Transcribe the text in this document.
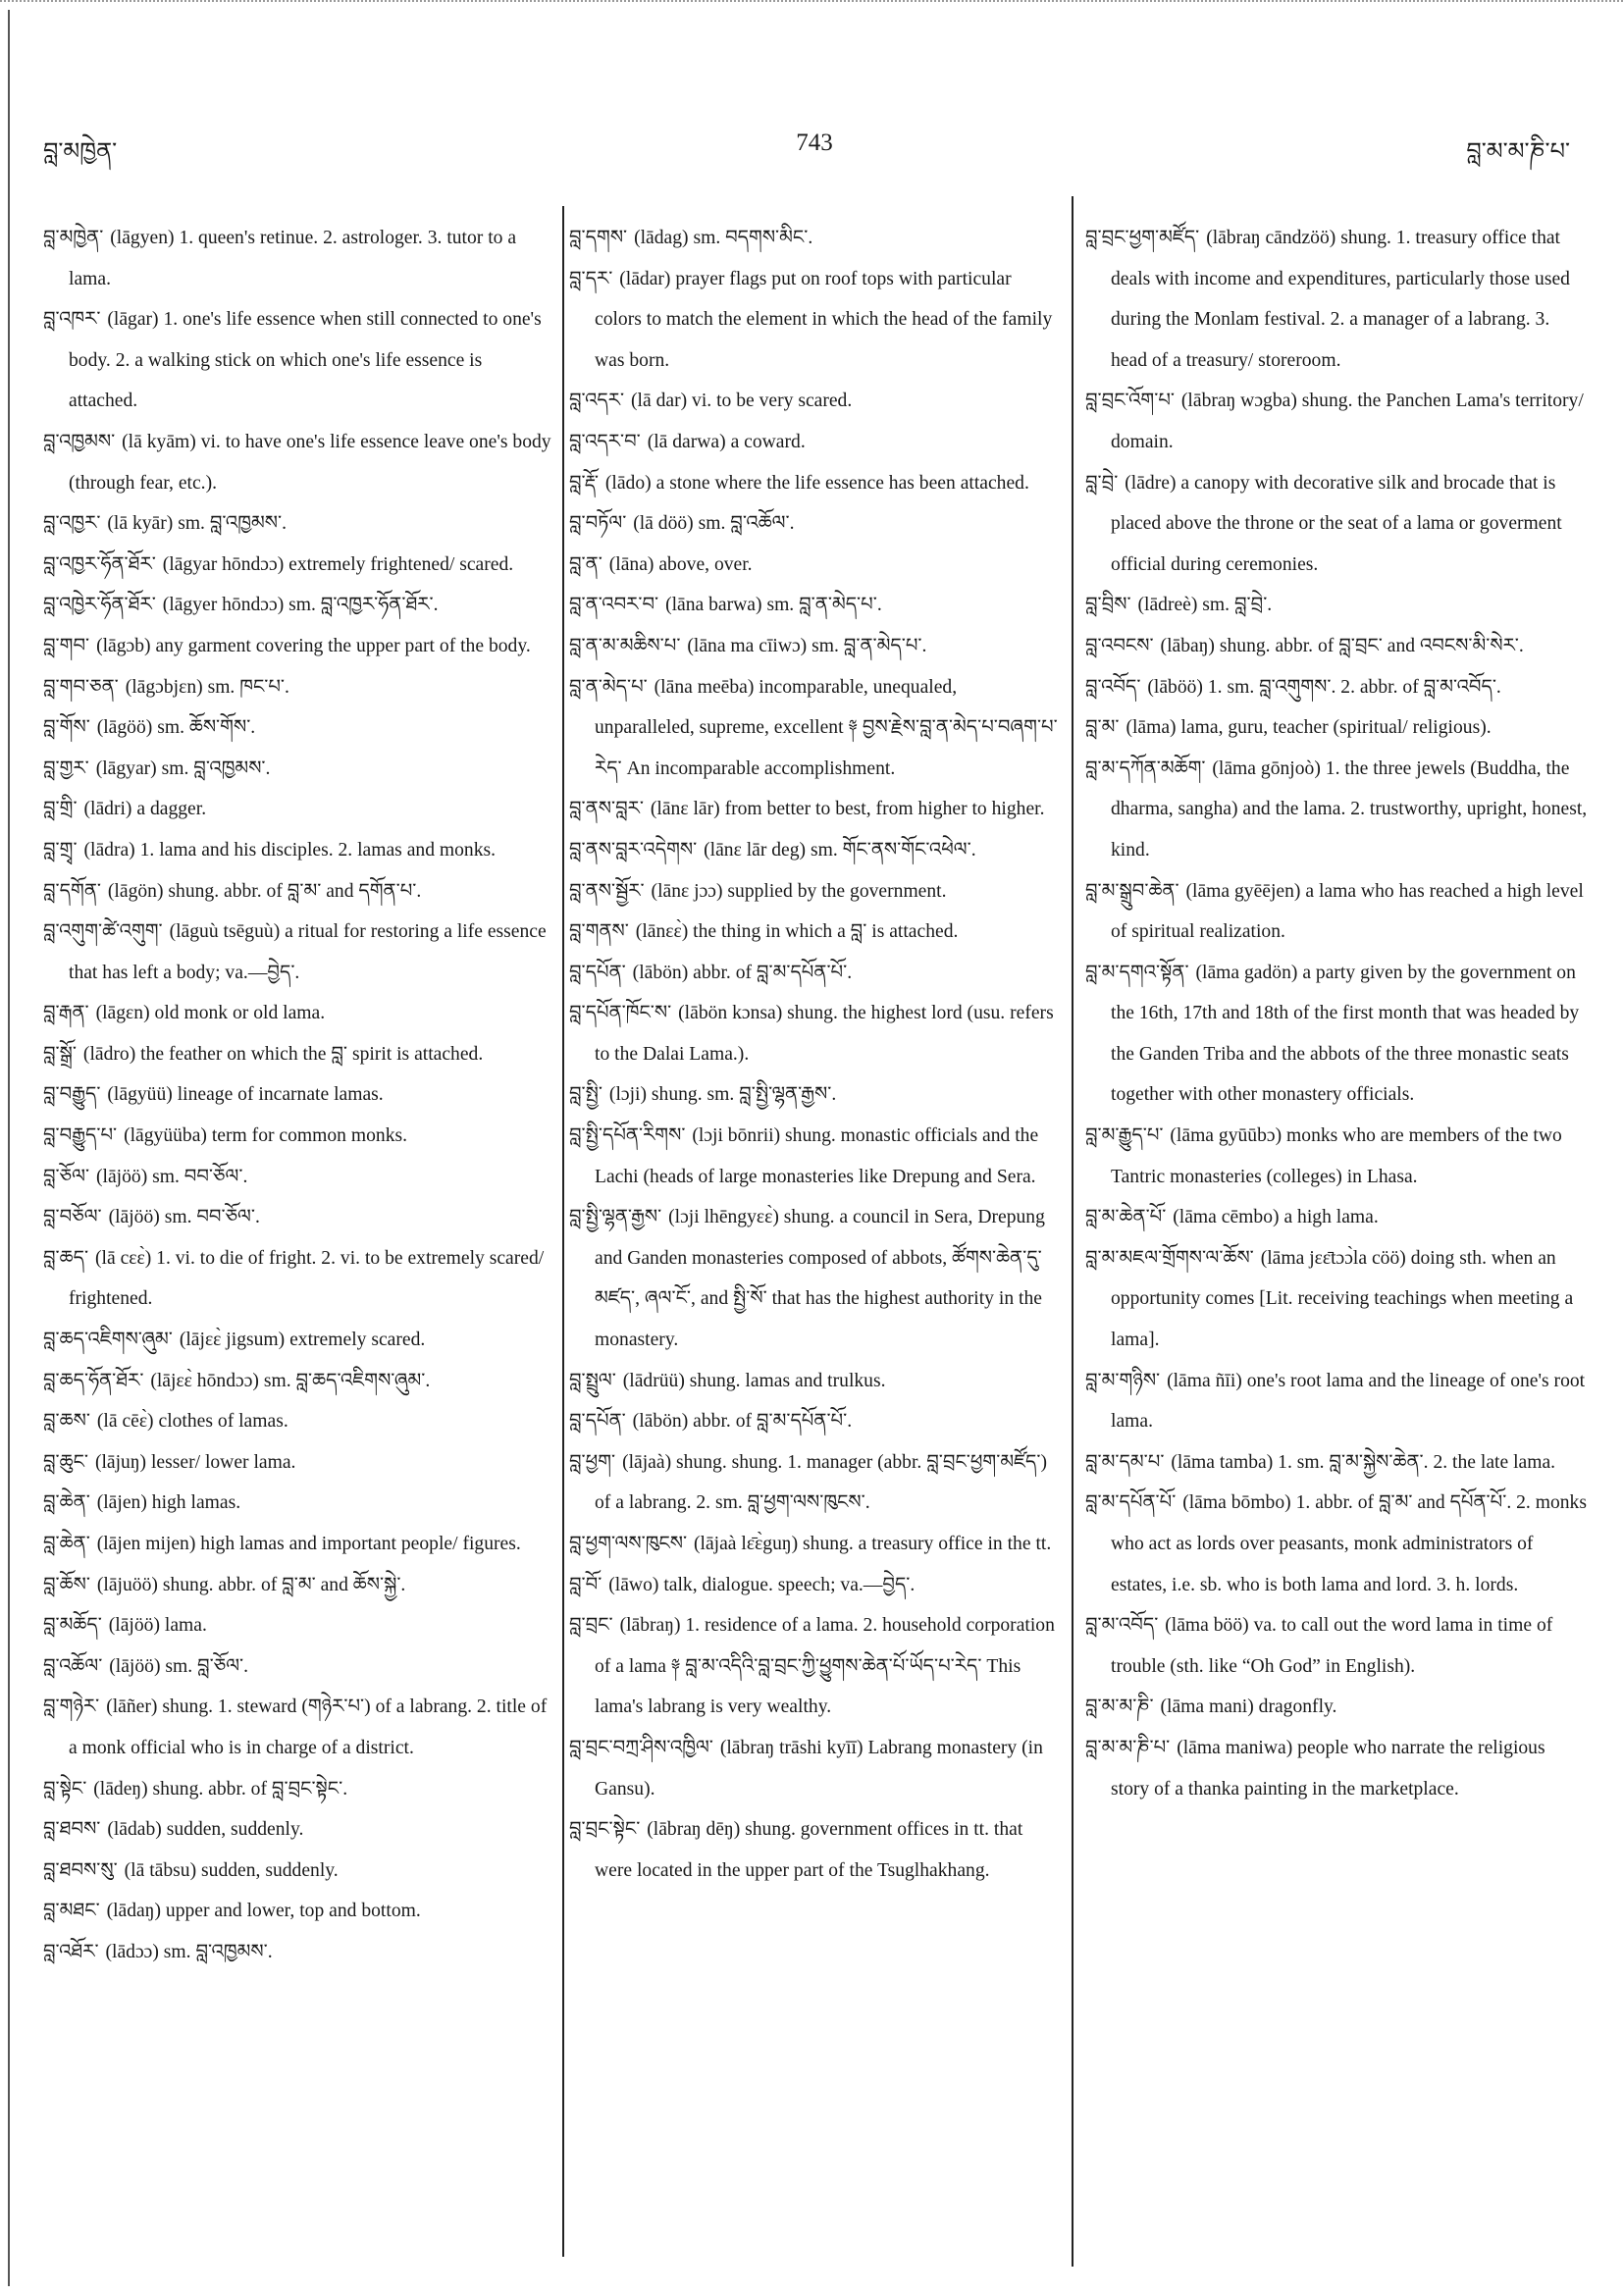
བླ་མཁྱེན་	743	བླ་མ་མ་ཎི་པ་

བླ་མཁྱེན་ (lāgyen) 1. queen's retinue. 2. astrologer. 3. tutor to a lama.

བླ་འཁར་ (lāgar) 1. one's life essence when still connected to one's body. 2. a walking stick on which one's life essence is attached.

བླ་འཁྱམས་ (lā kyām) vi. to have one's life essence leave one's body (through fear, etc.).

བླ་འཁྱར་ (lā kyār) sm. བླ་འཁྱམས་.

བླ་འཁྱར་ཧོན་ཐོར་ (lāgyar hōndɔɔ) extremely frightened/ scared.

བླ་འཁྱེར་ཧོན་ཐོར་ (lāgyer hōndɔɔ) sm. བླ་འཁྱར་ཧོན་ཐོར་.

བླ་གབ་ (lāgɔb) any garment covering the upper part of the body.

བླ་གབ་ཅན་ (lāgɔbjɛn) sm. ཁང་པ་.

བླ་གོས་ (lāgöö) sm. ཆོས་གོས་.

བླ་གྱར་ (lāgyar) sm. བླ་འཁྱམས་.

བླ་གྲི་ (lādri) a dagger.

བླ་གྲྭ་ (lādra) 1. lama and his disciples. 2. lamas and monks.

བླ་དགོན་ (lāgön) shung. abbr. of བླ་མ་ and དགོན་པ་.

བླ་འགུག་ཚེ་འགུག་ (lāguù tsēguù) a ritual for restoring a life essence that has left a body; va.—བྱེད་.

བླ་རྒན་ (lāgɛn) old monk or old lama.

བླ་སྒྲོ་ (lādro) the feather on which the བླ་ spirit is attached.

བླ་བརྒྱུད་ (lāgyüü) lineage of incarnate lamas.

བླ་བརྒྱུད་པ་ (lāgyüüba) term for common monks.

བླ་ཅོལ་ (lājöö) sm. བབ་ཅོལ་.

བླ་བཅོལ་ (lājöö) sm. བབ་ཅོལ་.

བླ་ཆད་ (lā cɛɛ̀) 1. vi. to die of fright. 2. vi. to be extremely scared/ frightened.

བླ་ཆད་འཇིགས་ཞུམ་ (lājɛɛ̀ jigsum) extremely scared.

བླ་ཆད་ཧོན་ཐོར་ (lājɛɛ̀ hōndɔɔ) sm. བླ་ཆད་འཇིགས་ཞུམ་.

བླ་ཆས་ (lā cēɛ̀) clothes of lamas.

བླ་ཆུང་ (lājuŋ) lesser/ lower lama.

བླ་ཆེན་ (lājen) high lamas.

བླ་ཆེན་ (lājen mijen) high lamas and important people/ figures.

བླ་ཆོས་ (lājuöö) shung. abbr. of བླ་མ་ and ཆོས་སྐྱེ་.

བླ་མཆོད་ (lājöö) lama.

བླ་འཆོལ་ (lājöö) sm. བླ་ཅོལ་.

བླ་གཉེར་ (lāñer) shung. 1. steward (གཉེར་པ་) of a labrang. 2. title of a monk official who is in charge of a district.

བླ་སྟེང་ (lādeŋ) shung. abbr. of བླ་བྲང་སྟེང་.

བླ་ཐབས་ (lādab) sudden, suddenly.

བླ་ཐབས་སུ་ (lā tābsu) sudden, suddenly.

བླ་མཐང་ (lādaŋ) upper and lower, top and bottom.

བླ་འཐོར་ (lādɔɔ) sm. བླ་འཁྱམས་.

བླ་དགས་ (lādag) sm. བདགས་མིང་.

བླ་དར་ (lādar) prayer flags put on roof tops with particular colors to match the element in which the head of the family was born.

བླ་འདར་ (lā dar) vi. to be very scared.

བླ་འདར་བ་ (lā darwa) a coward.

བླ་རྡོ་ (lādo) a stone where the life essence has been attached.

བླ་བཏོལ་ (lā döö) sm. བླ་འཆོལ་.

བླ་ན་ (lāna) above, over.

བླ་ན་འབར་བ་ (lāna barwa) sm. བླ་ན་མེད་པ་.

བླ་ན་མ་མཆིས་པ་ (lāna ma cīiwɔ) sm. བླ་ན་མེད་པ་.

བླ་ན་མེད་པ་ (lāna meēba) incomparable, unequaled, unparalleled, supreme, excellent ༈ བྱས་རྗེས་བླ་ན་མེད་པ་བཞག་པ་རེད་ An incomparable accomplishment.

བླ་ནས་བླར་ (lānɛ lār) from better to best, from higher to higher.

བླ་ནས་བླར་འདེགས་ (lānɛ lār deg) sm. གོང་ནས་གོང་འཕེལ་.

བླ་ནས་སྦྱོར་ (lānɛ jɔɔ) supplied by the government.

བླ་གནས་ (lānɛɛ̀) the thing in which a བླ་ is attached.

བླ་དཔོན་ (lābön) abbr. of བླ་མ་དཔོན་པོ་.

བླ་དཔོན་ཁོང་ས་ (lābön kɔnsa) shung. the highest lord (usu. refers to the Dalai Lama.).

བླ་སྤྱི་ (lɔji) shung. sm. བླ་སྤྱི་ལྷན་རྒྱས་.

བླ་སྤྱི་དཔོན་རིགས་ (lɔji bōnrii) shung. monastic officials and the Lachi (heads of large monasteries like Drepung and Sera.

བླ་སྤྱི་ལྷན་རྒྱས་ (lɔji lhēngyɛɛ̀) shung. a council in Sera, Drepung and Ganden monasteries composed of abbots, ཚོགས་ཆེན་དུ་མཛད་, ཞལ་ངོ་, and སྤྱི་སོ་ that has the highest authority in the monastery.

བླ་སྤྲུལ་ (lādrüü) shung. lamas and trulkus.

བླ་དཔོན་ (lābön) abbr. of བླ་མ་དཔོན་པོ་.

བླ་ཕྱག་ (lājaà) shung. shung. 1. manager (abbr. བླ་བྲང་ཕྱག་མཛོད་) of a labrang. 2. sm. བླ་ཕྱག་ལས་ཁུངས་.

བླ་ཕྱག་ལས་ཁུངས་ (lājaà lɛ̄ɛ̀guŋ) shung. a treasury office in the tt.

བླ་བོ་ (lāwo) talk, dialogue. speech; va.—བྱེད་.

བླ་བྲང་ (lābraŋ) 1. residence of a lama. 2. household corporation of a lama ༈ བླ་མ་འདིའི་བླ་བྲང་ཀྱི་ཕྱུགས་ཆེན་པོ་ཡོད་པ་རེད་ This lama's labrang is very wealthy.

བླ་བྲང་བཀྲ་ཤིས་འཁྱིལ་ (lābraŋ trāshi kyīī) Labrang monastery (in Gansu).

བླ་བྲང་སྟེང་ (lābraŋ dēŋ) shung. government offices in tt. that were located in the upper part of the Tsuglhakhang.

བླ་བྲང་ཕྱག་མཛོད་ (lābraŋ cāndzöö) shung. 1. treasury office that deals with income and expenditures, particularly those used during the Monlam festival. 2. a manager of a labrang. 3. head of a treasury/ storeroom.

བླ་བྲང་འོག་པ་ (lābraŋ wɔgba) shung. the Panchen Lama's territory/ domain.

བླ་བྲེ་ (lādre) a canopy with decorative silk and brocade that is placed above the throne or the seat of a lama or goverment official during ceremonies.

བླ་བྲིས་ (lādreè) sm. བླ་བྲེ་.

བླ་འབངས་ (lābaŋ) shung. abbr. of བླ་བྲང་ and འབངས་མི་སེར་.

བླ་འབོད་ (lāböö) 1. sm. བླ་འགུགས་. 2. abbr. of བླ་མ་འབོད་.

བླ་མ་ (lāma) lama, guru, teacher (spiritual/ religious).

བླ་མ་དཀོན་མཆོག་ (lāma gōnjoò) 1. the three jewels (Buddha, the dharma, sangha) and the lama. 2. trustworthy, upright, honest, kind.

བླ་མ་སྒྲུབ་ཆེན་ (lāma gyēējen) a lama who has reached a high level of spiritual realization.

བླ་མ་དགའ་སྟོན་ (lāma gadön) a party given by the government on the 16th, 17th and 18th of the first month that was headed by the Ganden Triba and the abbots of the three monastic seats together with other monastery officials.

བླ་མ་རྒྱུད་པ་ (lāma gyūūbɔ) monks who are members of the two Tantric monasteries (colleges) in Lhasa.

བླ་མ་ཆེན་པོ་ (lāma cēmbo) a high lama.

བླ་མ་མཇལ་གྲོགས་ལ་ཆོས་ (lāma jɛɛ̄tɔɔ̀la cöö) doing sth. when an opportunity comes [Lit. receiving teachings when meeting a lama].

བླ་མ་གཉིས་ (lāma ñīi) one's root lama and the lineage of one's root lama.

བླ་མ་དམ་པ་ (lāma tamba) 1. sm. བླ་མ་སྐྱེས་ཆེན་. 2. the late lama.

བླ་མ་དཔོན་པོ་ (lāma bōmbo) 1. abbr. of བླ་མ་ and དཔོན་པོ་. 2. monks who act as lords over peasants, monk administrators of estates, i.e. sb. who is both lama and lord. 3. h. lords.

བླ་མ་འབོད་ (lāma böö) va. to call out the word lama in time of trouble (sth. like “Oh God” in English).

བླ་མ་མ་ཎི་ (lāma mani) dragonfly.

བླ་མ་མ་ཎི་པ་ (lāma maniwa) people who narrate the religious story of a thanka painting in the marketplace.
